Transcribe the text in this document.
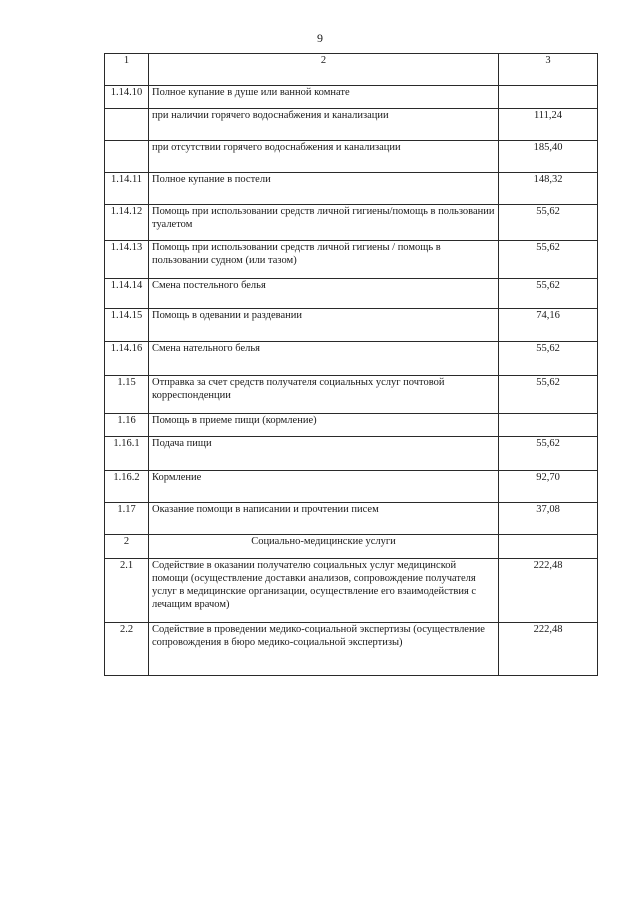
9
1	2	3
1.14.10	Полное купание в душе или ванной комнате	
	при наличии горячего водоснабжения и канализации	111,24
	при отсутствии горячего водоснабжения и канализации	185,40
1.14.11	Полное купание в постели	148,32
1.14.12	Помощь при использовании средств личной гигиены/помощь в пользовании туалетом	55,62
1.14.13	Помощь при использовании средств личной гигиены / помощь в пользовании судном (или тазом)	55,62
1.14.14	Смена постельного белья	55,62
1.14.15	Помощь в одевании и раздевании	74,16
1.14.16	Смена нательного белья	55,62
1.15	Отправка за счет средств получателя социальных услуг почтовой корреспонденции	55,62
1.16	Помощь в приеме пищи (кормление)	
1.16.1	Подача пищи	55,62
1.16.2	Кормление	92,70
1.17	Оказание помощи в написании и прочтении писем	37,08
2	Социально-медицинские услуги	
2.1	Содействие в оказании получателю социальных услуг медицинской помощи (осуществление доставки анализов, сопровождение получателя услуг в медицинские организации, осуществление его взаимодействия с лечащим врачом)	222,48
2.2	Содействие в проведении медико-социальной экспертизы (осуществление сопровождения в бюро медико-социальной экспертизы)	222,48
